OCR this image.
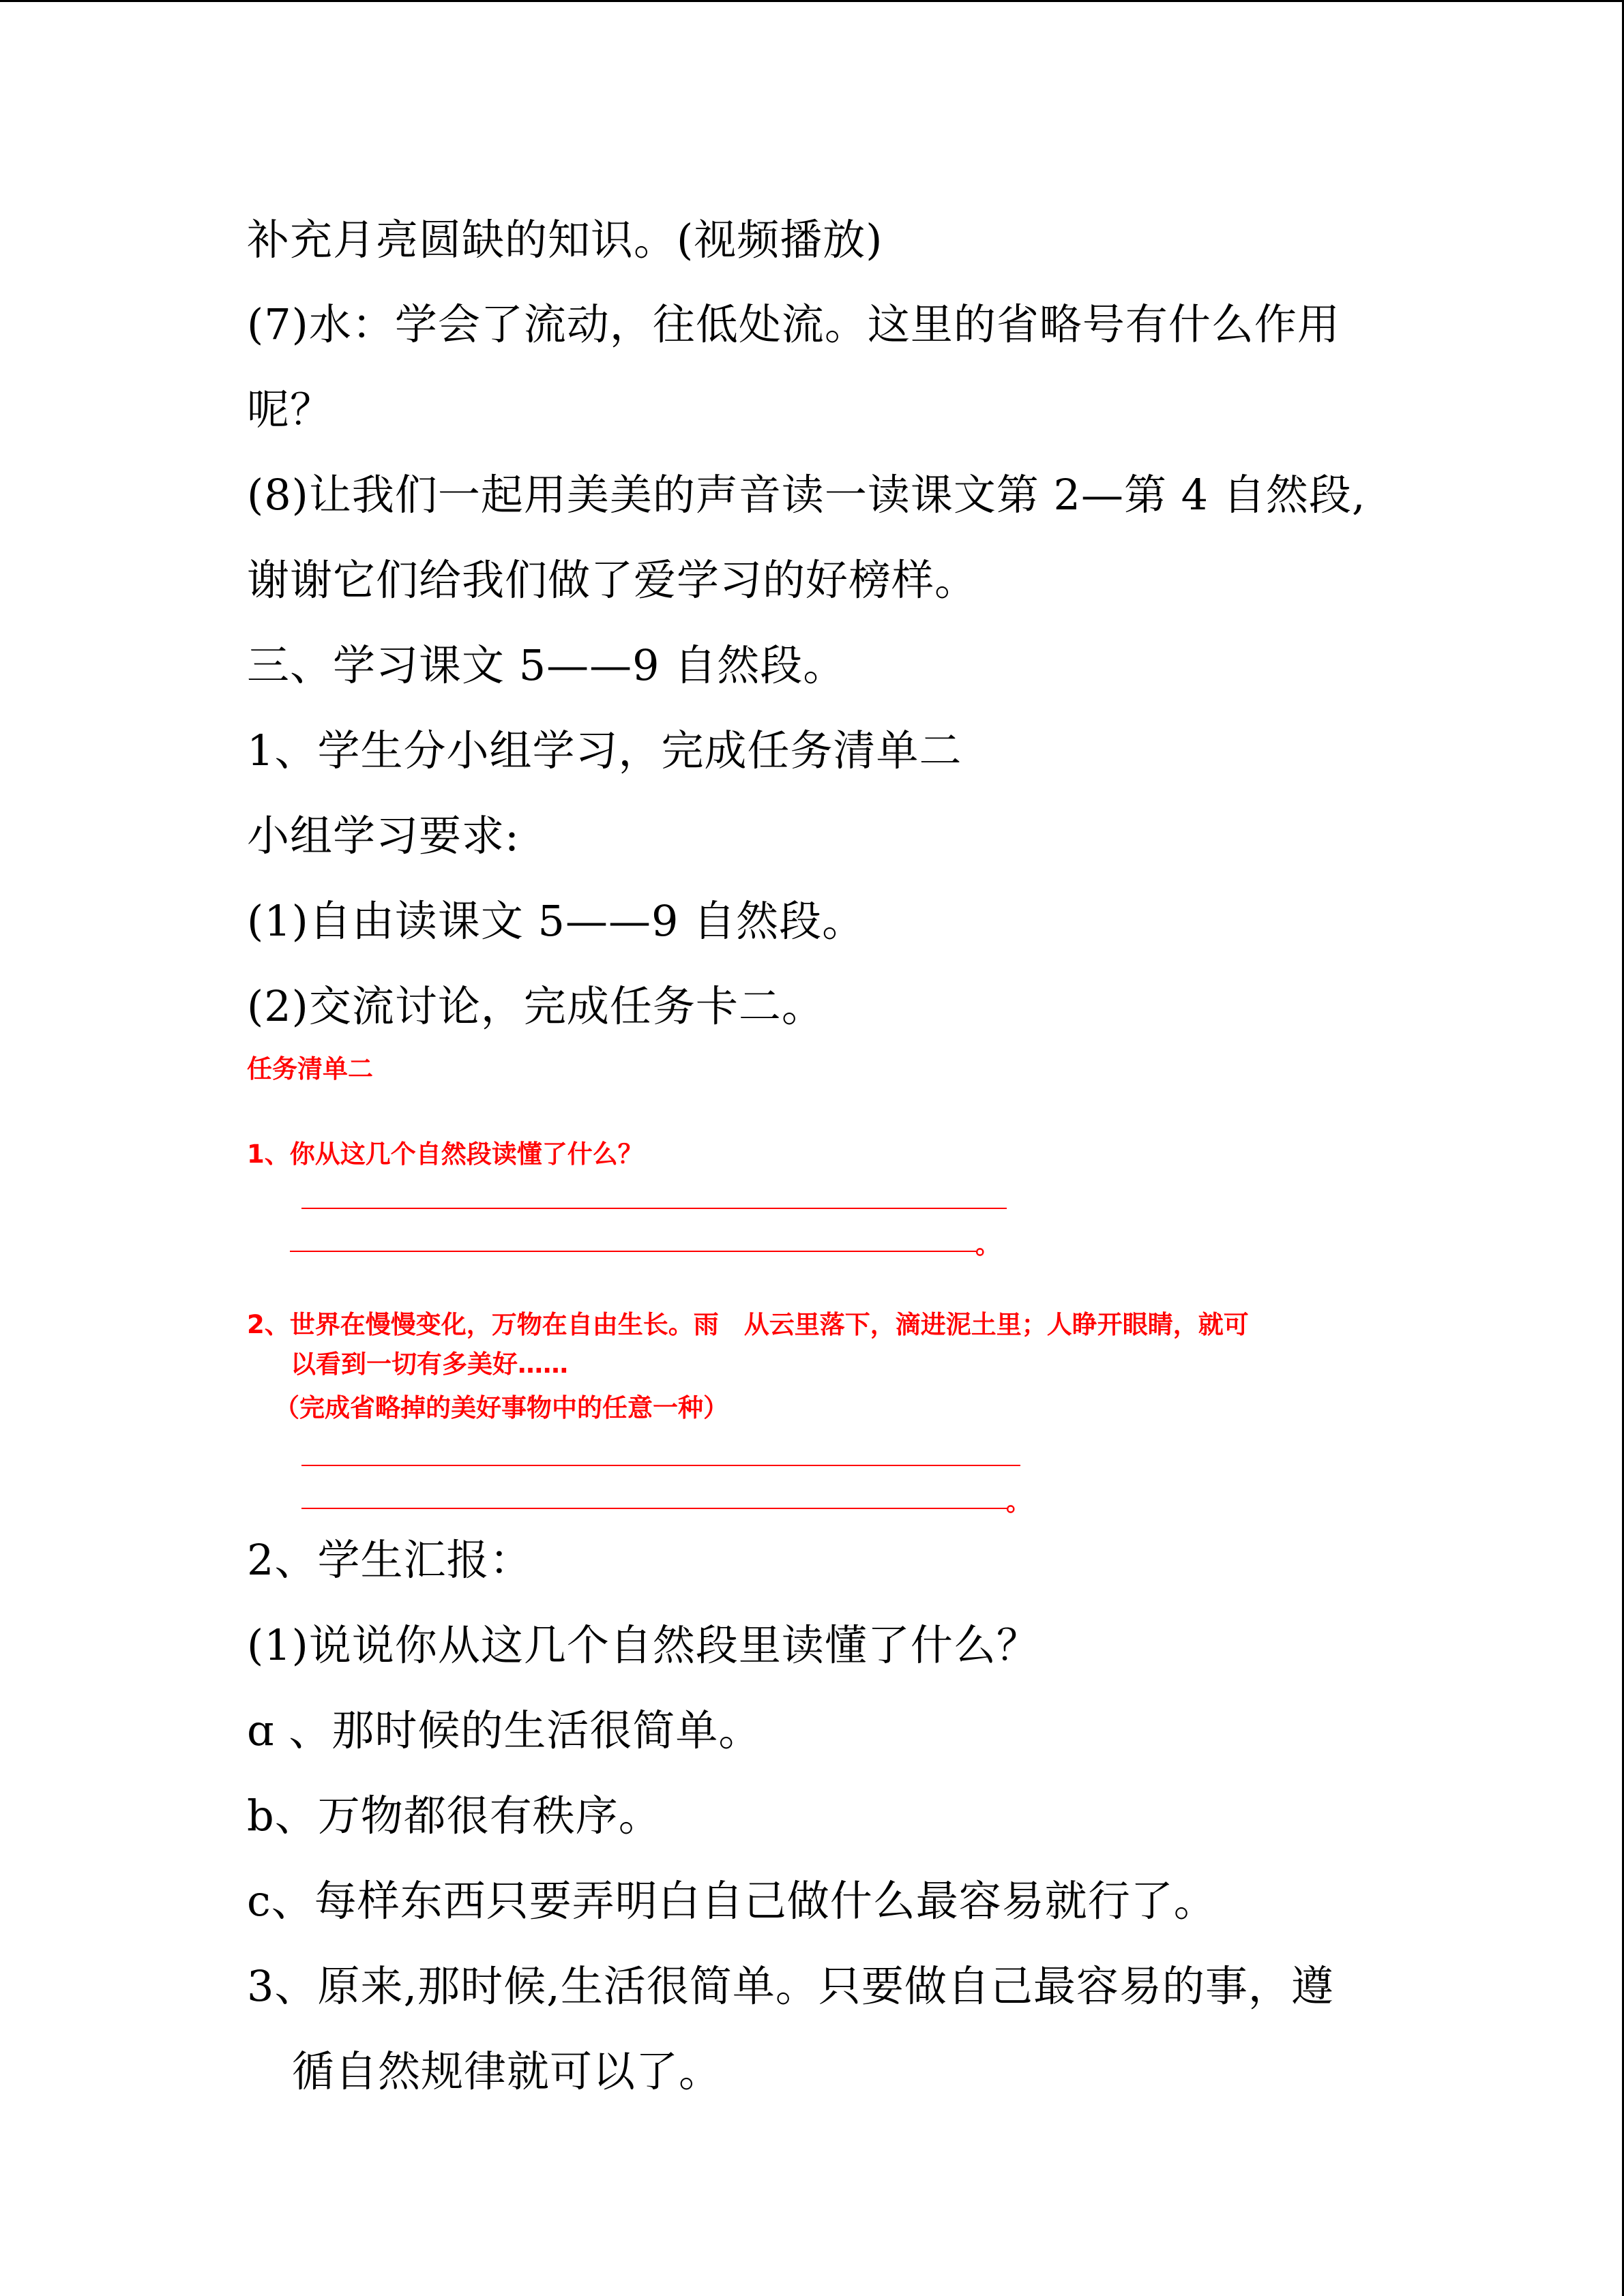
补充月亮圆缺的知识。(视频播放)
(7)水：学会了流动，往低处流。这里的省略号有什么作用
呢？
(8)让我们一起用美美的声音读一读课文第 2—第 4 自然段,
谢谢它们给我们做了爱学习的好榜样。
三、学习课文 5——9 自然段。
1、学生分小组学习，完成任务清单二
小组学习要求:
(1)自由读课文 5——9 自然段。
(2)交流讨论，完成任务卡二。
任务清单二
1、你从这几个自然段读懂了什么？
。
2、世界在慢慢变化，万物在自由生长。雨　从云里落下，滴进泥土里；人睁开眼睛，就可
以看到一切有多美好……
（完成省略掉的美好事物中的任意一种）
。
2、学生汇报：
(1)说说你从这几个自然段里读懂了什么？
ɑ 、那时候的生活很简单。
b、万物都很有秩序。
c、每样东西只要弄明白自己做什么最容易就行了。
3、原来,那时候,生活很简单。只要做自己最容易的事，遵
循自然规律就可以了。
